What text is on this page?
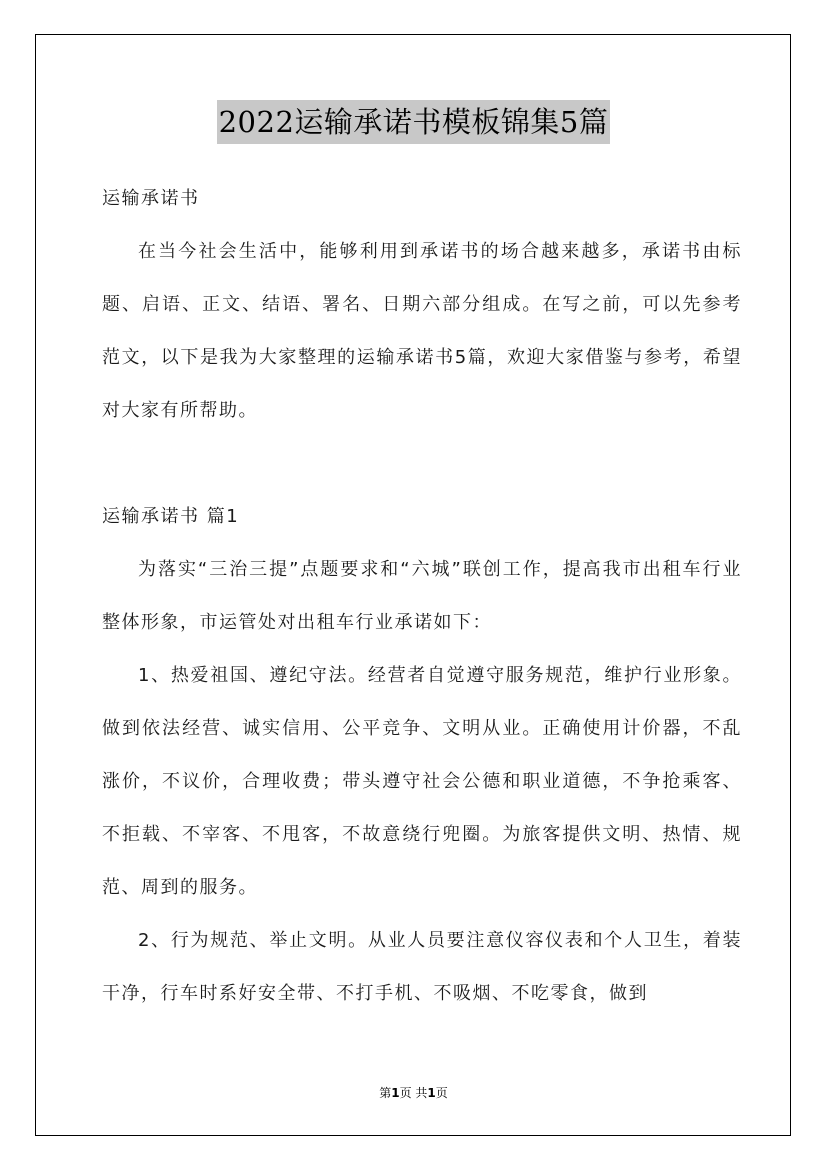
2022运输承诺书模板锦集5篇

运输承诺书

在当今社会生活中，能够利用到承诺书的场合越来越多，承诺书由标题、启语、正文、结语、署名、日期六部分组成。在写之前，可以先参考范文，以下是我为大家整理的运输承诺书5篇，欢迎大家借鉴与参考，希望对大家有所帮助。

运输承诺书 篇1

为落实“三治三提”点题要求和“六城”联创工作，提高我市出租车行业整体形象，市运管处对出租车行业承诺如下：

1、热爱祖国、遵纪守法。经营者自觉遵守服务规范，维护行业形象。做到依法经营、诚实信用、公平竞争、文明从业。正确使用计价器，不乱涨价，不议价，合理收费；带头遵守社会公德和职业道德，不争抢乘客、不拒载、不宰客、不甩客，不故意绕行兜圈。为旅客提供文明、热情、规范、周到的服务。

2、行为规范、举止文明。从业人员要注意仪容仪表和个人卫生，着装干净，行车时系好安全带、不打手机、不吸烟、不吃零食，做到

第1页 共1页
